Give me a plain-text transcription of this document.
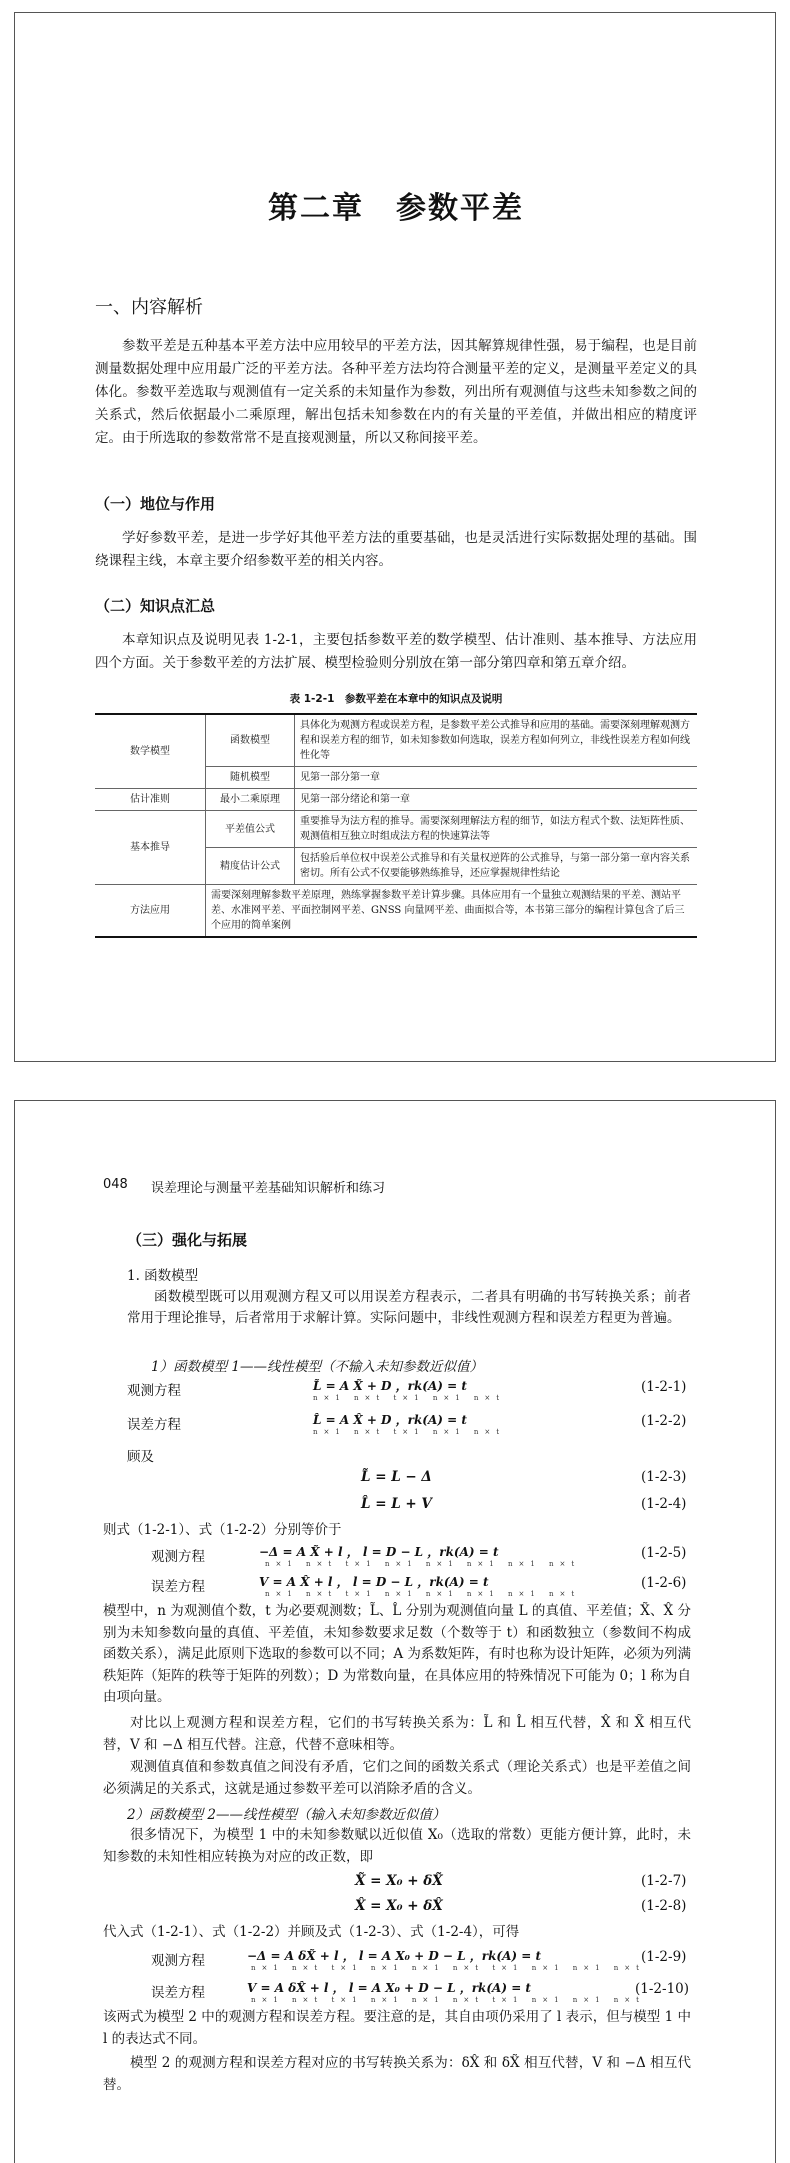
第二章　参数平差
一、内容解析

参数平差是五种基本平差方法中应用较早的平差方法，因其解算规律性强，易于编程，也是目前测量数据处理中应用最广泛的平差方法。各种平差方法均符合测量平差的定义，是测量平差定义的具体化。参数平差选取与观测值有一定关系的未知量作为参数，列出所有观测值与这些未知参数之间的关系式，然后依据最小二乘原理，解出包括未知参数在内的有关量的平差值，并做出相应的精度评定。由于所选取的参数常常不是直接观测量，所以又称间接平差。

（一）地位与作用

学好参数平差，是进一步学好其他平差方法的重要基础，也是灵活进行实际数据处理的基础。围绕课程主线，本章主要介绍参数平差的相关内容。

（二）知识点汇总

本章知识点及说明见表 1-2-1，主要包括参数平差的数学模型、估计准则、基本推导、方法应用四个方面。关于参数平差的方法扩展、模型检验则分别放在第一部分第四章和第五章介绍。

表 1-2-1　参数平差在本章中的知识点及说明
数学模型	函数模型	具体化为观测方程或误差方程，是参数平差公式推导和应用的基础。需要深刻理解观测方程和误差方程的细节，如未知参数如何选取，误差方程如何列立，非线性误差方程如何线性化等
	随机模型	见第一部分第一章
估计准则	最小二乘原理	见第一部分绪论和第一章
基本推导	平差值公式	重要推导为法方程的推导。需要深刻理解法方程的细节，如法方程式个数、法矩阵性质、观测值相互独立时组成法方程的快速算法等
	精度估计公式	包括验后单位权中误差公式推导和有关量权逆阵的公式推导，与第一部分第一章内容关系密切。所有公式不仅要能够熟练推导，还应掌握规律性结论
方法应用	需要深刻理解参数平差原理，熟练掌握参数平差计算步骤。具体应用有一个量独立观测结果的平差、测站平差、水准网平差、平面控制网平差、GNSS 向量网平差、曲面拟合等，本书第三部分的编程计算包含了后三个应用的简单案例	
048 误差理论与测量平差基础知识解析和练习
（三）强化与拓展
1. 函数模型

函数模型既可以用观测方程又可以用误差方程表示，二者具有明确的书写转换关系；前者常用于理论推导，后者常用于求解计算。实际问题中，非线性观测方程和误差方程更为普遍。

1）函数模型 1——线性模型（不输入未知参数近似值）
观测方程	L̃ = A X̃ + D ，rk(A) = t
n×1 n×t t×1 n×1 n×t
(1-2-1)
误差方程	L̂ = A X̂ + D ，rk(A) = t
n×1 n×t t×1 n×1 n×t
(1-2-2)
顾及
L̃ = L − Δ	(1-2-3)
L̂ = L + V	(1-2-4)
则式（1-2-1）、式（1-2-2）分别等价于
观测方程	−Δ = A X̃ + l ， l = D − L ，rk(A) = t
n×1 n×t t×1 n×1 n×1 n×1 n×1 n×t
(1-2-5)
误差方程	V = A X̂ + l ， l = D − L ，rk(A) = t
n×1 n×t t×1 n×1 n×1 n×1 n×1 n×t
(1-2-6)

模型中，n 为观测值个数，t 为必要观测数；L̃、L̂ 分别为观测值向量 L 的真值、平差值；X̃、X̂ 分别为未知参数向量的真值、平差值，未知参数要求足数（个数等于 t）和函数独立（参数间不构成函数关系），满足此原则下选取的参数可以不同；A 为系数矩阵，有时也称为设计矩阵，必须为列满秩矩阵（矩阵的秩等于矩阵的列数）；D 为常数向量，在具体应用的特殊情况下可能为 0；l 称为自由项向量。

对比以上观测方程和误差方程，它们的书写转换关系为：L̃ 和 L̂ 相互代替，X̂ 和 X̃ 相互代替，V 和 −Δ 相互代替。注意，代替不意味相等。

观测值真值和参数真值之间没有矛盾，它们之间的函数关系式（理论关系式）也是平差值之间必须满足的关系式，这就是通过参数平差可以消除矛盾的含义。

2）函数模型 2——线性模型（输入未知参数近似值）

很多情况下，为模型 1 中的未知参数赋以近似值 X₀（选取的常数）更能方便计算，此时，未知参数的未知性相应转换为对应的改正数，即

X̃ = X₀ + δX̃	(1-2-7)
X̂ = X₀ + δX̂	(1-2-8)
代入式（1-2-1）、式（1-2-2）并顾及式（1-2-3）、式（1-2-4），可得
观测方程	−Δ = A δX̃ + l ， l = A X₀ + D − L ，rk(A) = t
n×1 n×t t×1 n×1 n×1 n×t t×1 n×1 n×1 n×t
(1-2-9)
误差方程	V = A δX̂ + l ， l = A X₀ + D − L ，rk(A) = t
n×1 n×t t×1 n×1 n×1 n×t t×1 n×1 n×1 n×t
(1-2-10)

该两式为模型 2 中的观测方程和误差方程。要注意的是，其自由项仍采用了 l 表示，但与模型 1 中 l 的表达式不同。

模型 2 的观测方程和误差方程对应的书写转换关系为：δX̂ 和 δX̃ 相互代替，V 和 −Δ 相互代替。
